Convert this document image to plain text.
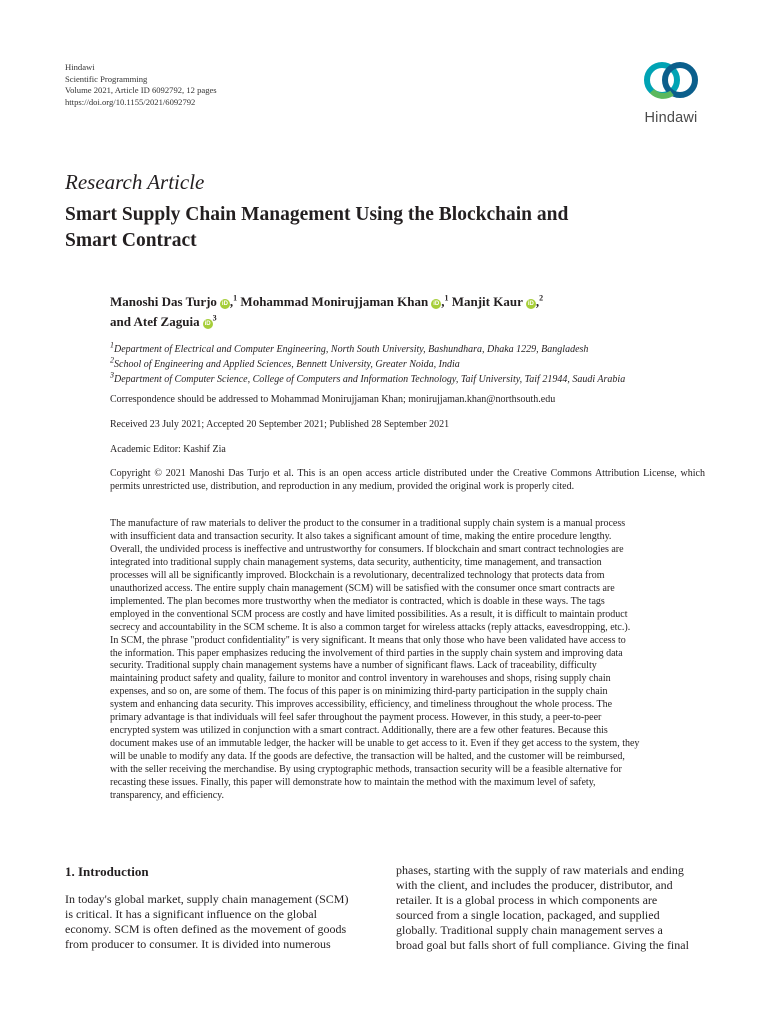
Hindawi
Scientific Programming
Volume 2021, Article ID 6092792, 12 pages
https://doi.org/10.1155/2021/6092792
Hindawi
Research Article
Smart Supply Chain Management Using the Blockchain and
Smart Contract
Manoshi Das Turjo iD ,$^1$ Mohammad Monirujjaman Khan iD ,$^1$ Manjit Kaur iD ,$^2$
and Atef Zaguia $iD^3$
$^1$Department of Electrical and Computer Engineering, North South University, Bashundhara, Dhaka 1229, Bangladesh
$^2$School of Engineering and Applied Sciences, Bennett University, Greater Noida, India
$^3$Department of Computer Science, College of Computers and Information Technology, Taif University, Taif 21944, Saudi Arabia
Correspondence should be addressed to Mohammad Monirujjaman Khan; monirujjaman.khan@northsouth.edu
Received 23 July 2021; Accepted 20 September 2021; Published 28 September 2021
Academic Editor: Kashif Zia
Copyright © 2021 Manoshi Das Turjo et al. This is an open access article distributed under the Creative Commons Attribution License, which permits unrestricted use, distribution, and reproduction in any medium, provided the original work is properly cited.
The manufacture of raw materials to deliver the product to the consumer in a traditional supply chain system is a manual process
with insufficient data and transaction security. It also takes a significant amount of time, making the entire procedure lengthy.
Overall, the undivided process is ineffective and untrustworthy for consumers. If blockchain and smart contract technologies are
integrated into traditional supply chain management systems, data security, authenticity, time management, and transaction
processes will all be significantly improved. Blockchain is a revolutionary, decentralized technology that protects data from
unauthorized access. The entire supply chain management (SCM) will be satisfied with the consumer once smart contracts are
implemented. The plan becomes more trustworthy when the mediator is contracted, which is doable in these ways. The tags
employed in the conventional SCM process are costly and have limited possibilities. As a result, it is difficult to maintain product
secrecy and accountability in the SCM scheme. It is also a common target for wireless attacks (reply attacks, eavesdropping, etc.).
In SCM, the phrase "product confidentiality" is very significant. It means that only those who have been validated have access to
the information. This paper emphasizes reducing the involvement of third parties in the supply chain system and improving data
security. Traditional supply chain management systems have a number of significant flaws. Lack of traceability, difficulty
maintaining product safety and quality, failure to monitor and control inventory in warehouses and shops, rising supply chain
expenses, and so on, are some of them. The focus of this paper is on minimizing third-party participation in the supply chain
system and enhancing data security. This improves accessibility, efficiency, and timeliness throughout the whole process. The
primary advantage is that individuals will feel safer throughout the payment process. However, in this study, a peer-to-peer
encrypted system was utilized in conjunction with a smart contract. Additionally, there are a few other features. Because this
document makes use of an immutable ledger, the hacker will be unable to get access to it. Even if they get access to the system, they
will be unable to modify any data. If the goods are defective, the transaction will be halted, and the customer will be reimbursed,
with the seller receiving the merchandise. By using cryptographic methods, transaction security will be a feasible alternative for
recasting these issues. Finally, this paper will demonstrate how to maintain the method with the maximum level of safety,
transparency, and efficiency.
1. Introduction
In today's global market, supply chain management (SCM)
is critical. It has a significant influence on the global
economy. SCM is often defined as the movement of goods
from producer to consumer. It is divided into numerous
phases, starting with the supply of raw materials and ending
with the client, and includes the producer, distributor, and
retailer. It is a global process in which components are
sourced from a single location, packaged, and supplied
globally. Traditional supply chain management serves a
broad goal but falls short of full compliance. Giving the final
